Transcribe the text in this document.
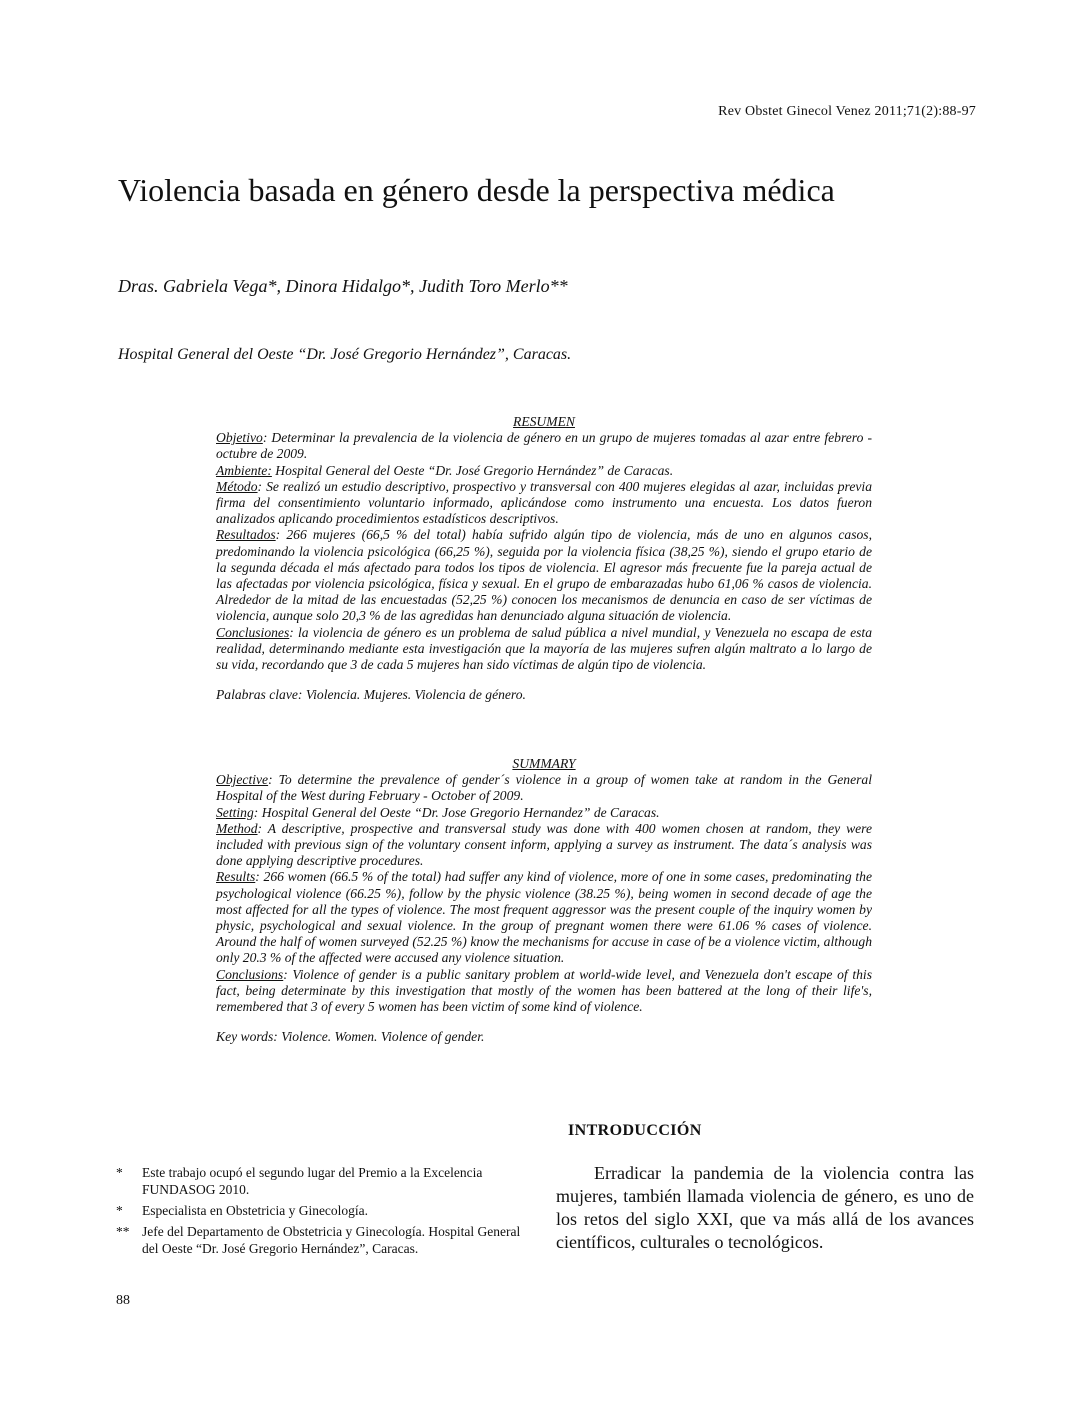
Rev Obstet Ginecol Venez 2011;71(2):88-97
Violencia basada en género desde la perspectiva médica
Dras. Gabriela Vega*, Dinora Hidalgo*, Judith Toro Merlo**
Hospital General del Oeste “Dr. José Gregorio Hernández”, Caracas.

RESUMEN

Objetivo: Determinar la prevalencia de la violencia de género en un grupo de mujeres tomadas al azar entre febrero - octubre de 2009.

Ambiente: Hospital General del Oeste “Dr. José Gregorio Hernández” de Caracas.

Método: Se realizó un estudio descriptivo, prospectivo y transversal con 400 mujeres elegidas al azar, incluidas previa firma del consentimiento voluntario informado, aplicándose como instrumento una encuesta. Los datos fueron analizados aplicando procedimientos estadísticos descriptivos.

Resultados: 266 mujeres (66,5 % del total) había sufrido algún tipo de violencia, más de uno en algunos casos, predominando la violencia psicológica (66,25 %), seguida por la violencia física (38,25 %), siendo el grupo etario de la segunda década el más afectado para todos los tipos de violencia. El agresor más frecuente fue la pareja actual de las afectadas por violencia psicológica, física y sexual. En el grupo de embarazadas hubo 61,06 % casos de violencia. Alrededor de la mitad de las encuestadas (52,25 %) conocen los mecanismos de denuncia en caso de ser víctimas de violencia, aunque solo 20,3 % de las agredidas han denunciado alguna situación de violencia.

Conclusiones: la violencia de género es un problema de salud pública a nivel mundial, y Venezuela no escapa de esta realidad, determinando mediante esta investigación que la mayoría de las mujeres sufren algún maltrato a lo largo de su vida, recordando que 3 de cada 5 mujeres han sido víctimas de algún tipo de violencia.

Palabras clave: Violencia. Mujeres. Violencia de género.

SUMMARY

Objective: To determine the prevalence of gender´s violence in a group of women take at random in the General Hospital of the West during February - October of 2009.

Setting: Hospital General del Oeste “Dr. Jose Gregorio Hernandez” de Caracas.

Method: A descriptive, prospective and transversal study was done with 400 women chosen at random, they were included with previous sign of the voluntary consent inform, applying a survey as instrument. The data´s analysis was done applying descriptive procedures.

Results: 266 women (66.5 % of the total) had suffer any kind of violence, more of one in some cases, predominating the psychological violence (66.25 %), follow by the physic violence (38.25 %), being women in second decade of age the most affected for all the types of violence. The most frequent aggressor was the present couple of the inquiry women by physic, psychological and sexual violence. In the group of pregnant women there were 61.06 % cases of violence. Around the half of women surveyed (52.25 %) know the mechanisms for accuse in case of be a violence victim, although only 20.3 % of the affected were accused any violence situation.

Conclusions: Violence of gender is a public sanitary problem at world-wide level, and Venezuela don't escape of this fact, being determinate by this investigation that mostly of the women has been battered at the long of their life's, remembered that 3 of every 5 women has been victim of some kind of violence.

Key words: Violence. Women. Violence of gender.

INTRODUCCIÓN

Erradicar la pandemia de la violencia contra las mujeres, también llamada violencia de género, es uno de los retos del siglo XXI, que va más allá de los avances científicos, culturales o tecnológicos.

* Este trabajo ocupó el segundo lugar del Premio a la Excelencia FUNDASOG 2010.
* Especialista en Obstetricia y Ginecología.
** Jefe del Departamento de Obstetricia y Ginecología. Hospital General del Oeste “Dr. José Gregorio Hernández”, Caracas.
88
